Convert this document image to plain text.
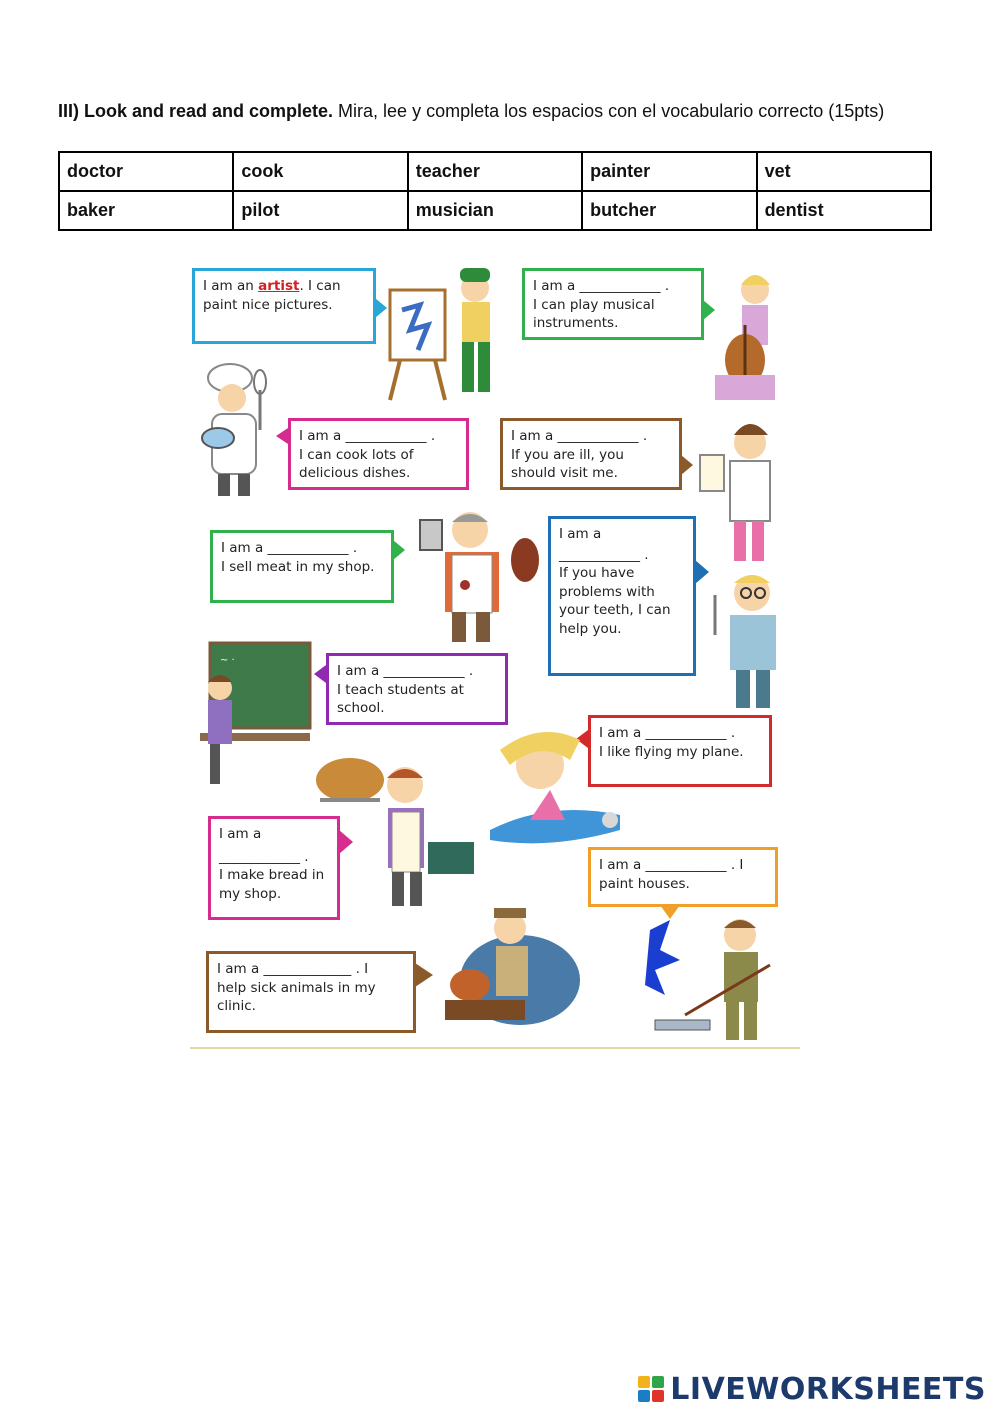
III) Look and read and complete. Mira, lee y completa los espacios con el vocabulario correcto (15pts)
doctor	cook	teacher	painter	vet
baker	pilot	musician	butcher	dentist
I am an artist. I can
paint nice pictures.
I am a ____________ .
I can play musical
instruments.
I am a ____________ .
I can cook lots of
delicious dishes.
I am a ____________ .
If you are ill, you
should visit me.
I am a ____________ .
I sell meat in my shop.
I am a
____________ .
If you have
problems with
your teeth, I can
help you.
I am a ____________ .
I teach students at
school.
~ ·
I am a ____________ .
I like flying my plane.
I am a
____________ .
I make bread in
my shop.
I am a ____________ . I
paint houses.
I am a _____________ . I
help sick animals in my
clinic.
LIVEWORKSHEETS
